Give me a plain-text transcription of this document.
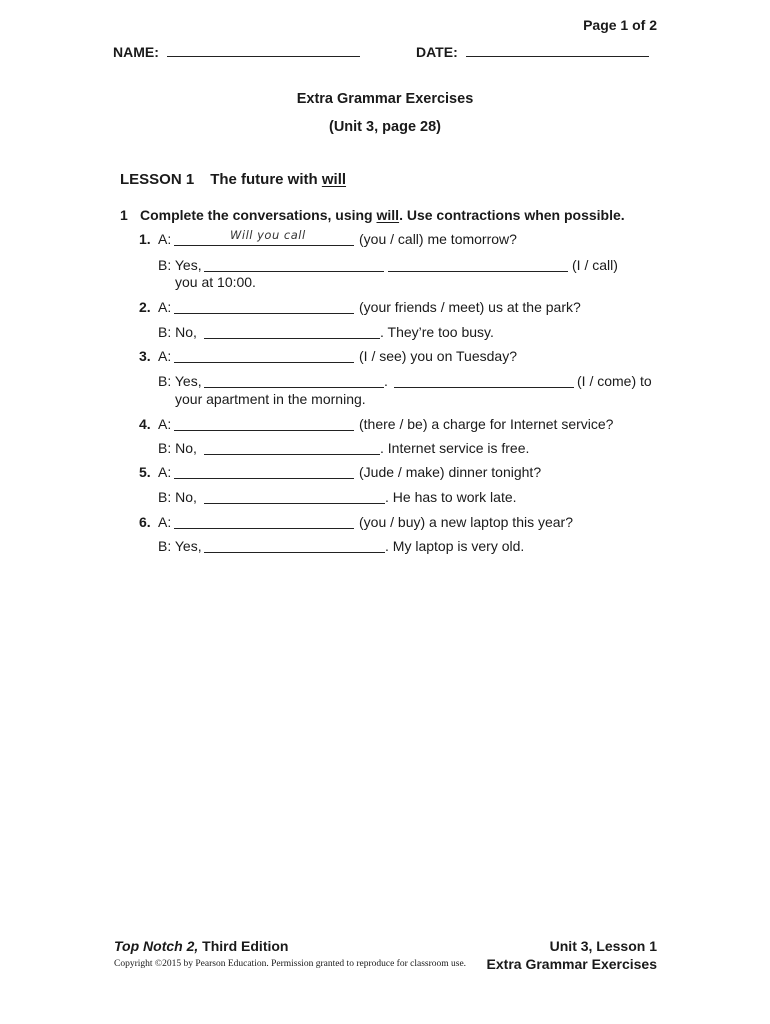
Page 1 of 2
NAME:	DATE:
Extra Grammar Exercises
(Unit 3, page 28)
LESSON 1 The future with will
1 Complete the conversations, using will. Use contractions when possible.
1. A:	Will you call	(you / call) me tomorrow?
B: Yes,	(I / call)
you at 10:00.
2. A:	(your friends / meet) us at the park?
B: No,	. They’re too busy.
3. A:	(I / see) you on Tuesday?
B: Yes,	.	(I / come) to
your apartment in the morning.
4. A:	(there / be) a charge for Internet service?
B: No,	. Internet service is free.
5. A:	(Jude / make) dinner tonight?
B: No,	. He has to work late.
6. A:	(you / buy) a new laptop this year?
B: Yes,	. My laptop is very old.
Top Notch 2, Third Edition
Copyright ©2015 by Pearson Education. Permission granted to reproduce for classroom use.
Unit 3, Lesson 1
Extra Grammar Exercises
